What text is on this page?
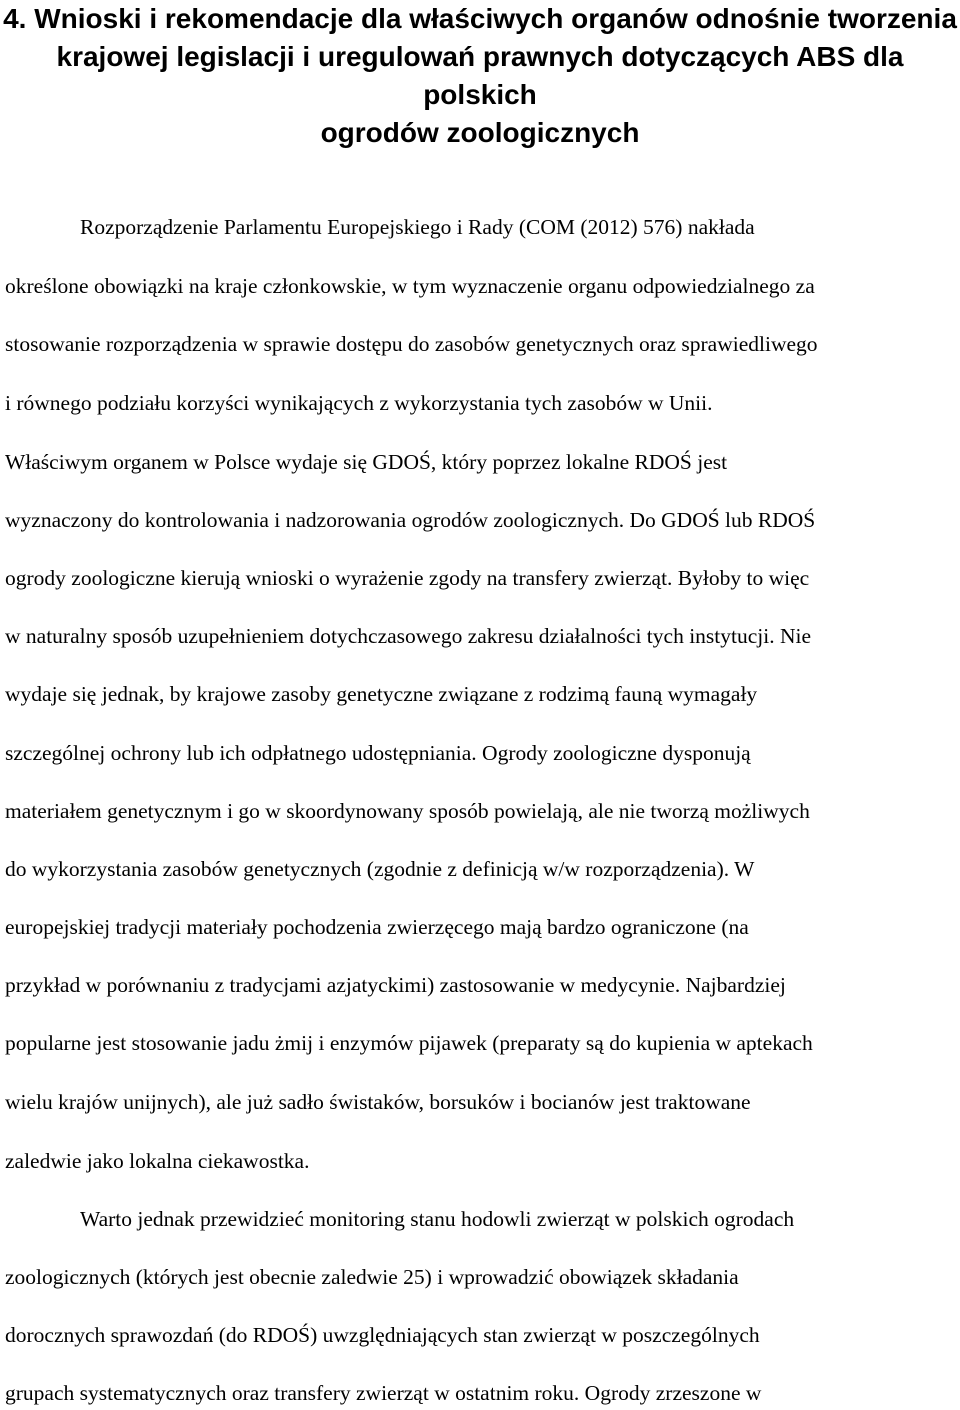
4. Wnioski i rekomendacje dla właściwych organów odnośnie tworzenia
krajowej legislacji i uregulowań prawnych dotyczących ABS dla polskich
ogrodów zoologicznych
Rozporządzenie Parlamentu Europejskiego i Rady (COM (2012) 576) nakłada
określone obowiązki na kraje członkowskie, w tym wyznaczenie organu odpowiedzialnego za
stosowanie rozporządzenia w sprawie dostępu do zasobów genetycznych oraz sprawiedliwego
i równego podziału korzyści wynikających z wykorzystania tych zasobów w Unii.
Właściwym organem w Polsce wydaje się GDOŚ, który poprzez lokalne RDOŚ jest
wyznaczony do kontrolowania i nadzorowania ogrodów zoologicznych. Do GDOŚ lub RDOŚ
ogrody zoologiczne kierują wnioski o wyrażenie zgody na transfery zwierząt. Byłoby to więc
w naturalny sposób uzupełnieniem dotychczasowego zakresu działalności tych instytucji. Nie
wydaje się jednak, by krajowe zasoby genetyczne związane z rodzimą fauną wymagały
szczególnej ochrony lub ich odpłatnego udostępniania. Ogrody zoologiczne dysponują
materiałem genetycznym i go w skoordynowany sposób powielają, ale nie tworzą możliwych
do wykorzystania zasobów genetycznych (zgodnie z definicją w/w rozporządzenia). W
europejskiej tradycji materiały pochodzenia zwierzęcego mają bardzo ograniczone (na
przykład w porównaniu z tradycjami azjatyckimi) zastosowanie w medycynie. Najbardziej
popularne jest stosowanie jadu żmij i enzymów pijawek (preparaty są do kupienia w aptekach
wielu krajów unijnych), ale już sadło świstaków, borsuków i bocianów jest traktowane
zaledwie jako lokalna ciekawostka.
Warto jednak przewidzieć monitoring stanu hodowli zwierząt w polskich ogrodach
zoologicznych (których jest obecnie zaledwie 25) i wprowadzić obowiązek składania
dorocznych sprawozdań (do RDOŚ) uwzględniających stan zwierząt w poszczególnych
grupach systematycznych oraz transfery zwierząt w ostatnim roku. Ogrody zrzeszone w
